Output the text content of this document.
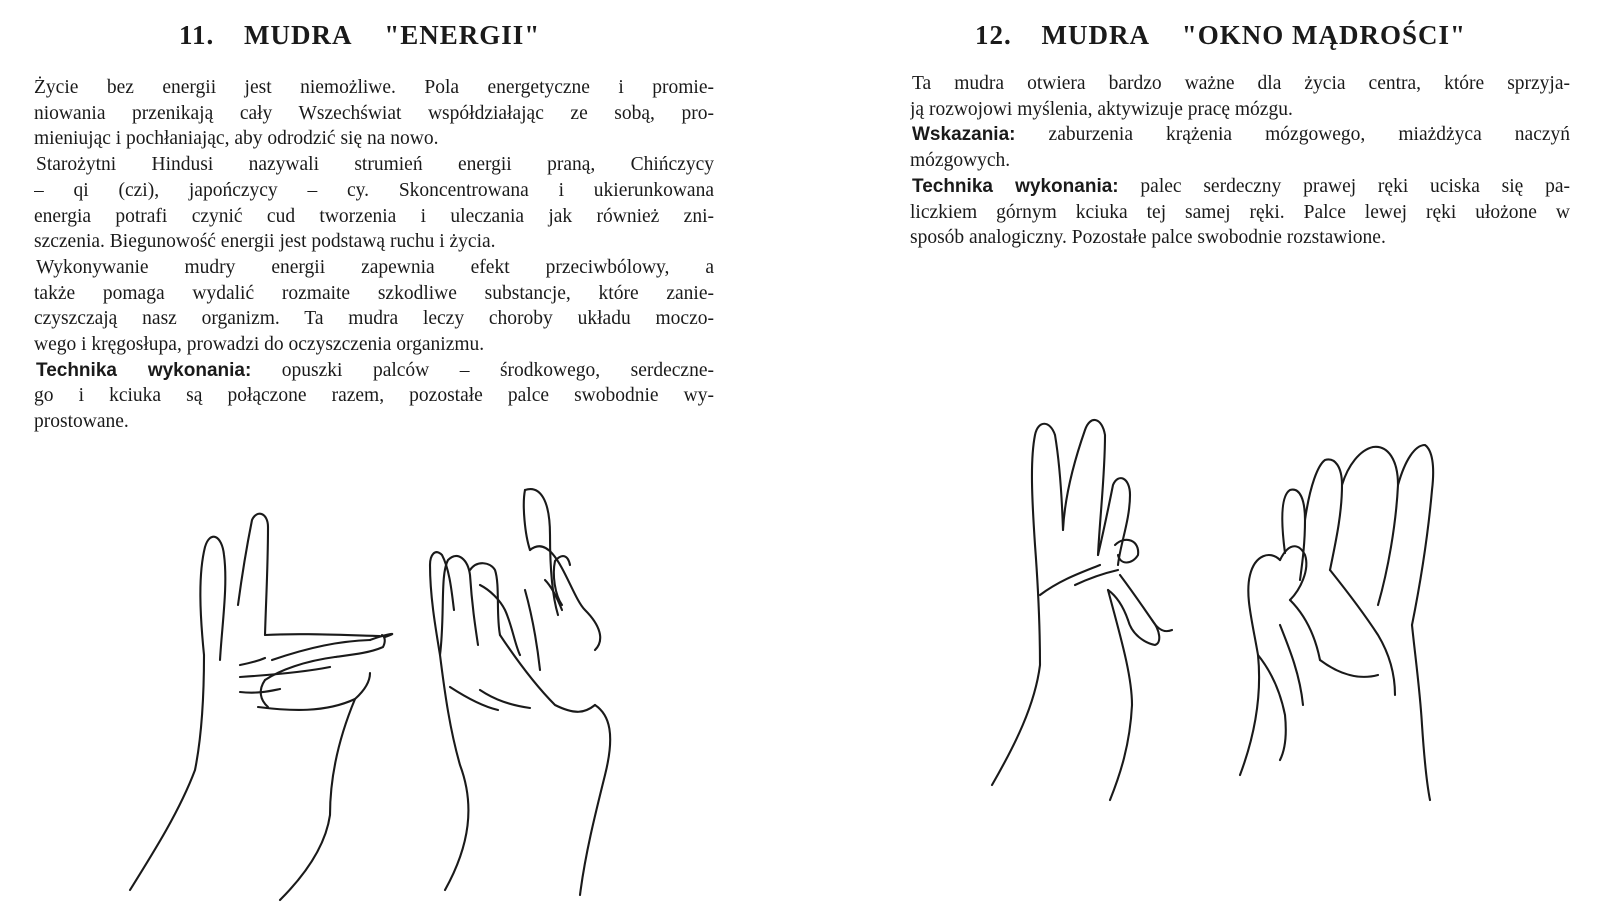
11. MUDRA "ENERGII"
Życie bez energii jest niemożliwe. Pola energetyczne i promie-
niowania przenikają cały Wszechświat współdziałając ze sobą, pro-
mieniując i pochłaniając, aby odrodzić się na nowo.
Starożytni Hindusi nazywali strumień energii praną, Chińczycy
– qi (czi), japończycy – cy. Skoncentrowana i ukierunkowana
energia potrafi czynić cud tworzenia i uleczania jak również zni-
szczenia. Biegunowość energii jest podstawą ruchu i życia.
Wykonywanie mudry energii zapewnia efekt przeciwbólowy, a
także pomaga wydalić rozmaite szkodliwe substancje, które zanie-
czyszczają nasz organizm. Ta mudra leczy choroby układu moczo-
wego i kręgosłupa, prowadzi do oczyszczenia organizmu.
Technika wykonania: opuszki palców – środkowego, serdeczne-
go i kciuka są połączone razem, pozostałe palce swobodnie wy-
prostowane.
12. MUDRA "OKNO MĄDROŚCI"
Ta mudra otwiera bardzo ważne dla życia centra, które sprzyja-
ją rozwojowi myślenia, aktywizuje pracę mózgu.
Wskazania: zaburzenia krążenia mózgowego, miażdżyca naczyń
mózgowych.
Technika wykonania: palec serdeczny prawej ręki uciska się pa-
liczkiem górnym kciuka tej samej ręki. Palce lewej ręki ułożone w
sposób analogiczny. Pozostałe palce swobodnie rozstawione.
